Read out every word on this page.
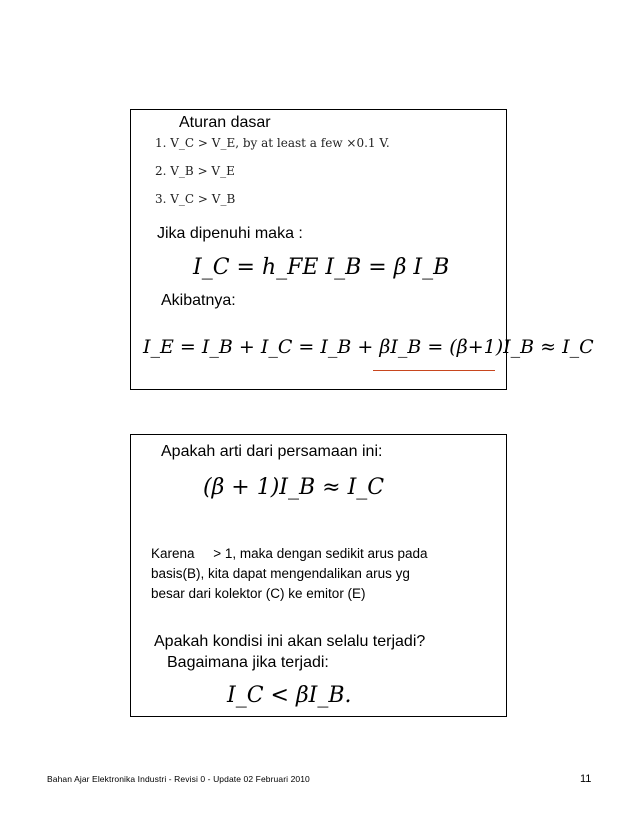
Aturan dasar
1. V_C > V_E, by at least a few ×0.1 V.
2. V_B > V_E
3. V_C > V_B
Jika dipenuhi maka :
I_C = h_FE I_B = β I_B
Akibatnya:
I_E = I_B + I_C = I_B + βI_B = (β+1)I_B ≈ I_C
Apakah arti dari persamaan ini:
(β + 1)I_B ≈ I_C
Karena     > 1, maka dengan sedikit arus pada
basis(B), kita dapat mengendalikan arus yg
besar dari kolektor (C) ke emitor (E)
Apakah kondisi ini akan selalu terjadi?
Bagaimana jika terjadi:
I_C < βI_B.
Bahan Ajar Elektronika Industri - Revisi 0 - Update 02 Februari 2010	11
